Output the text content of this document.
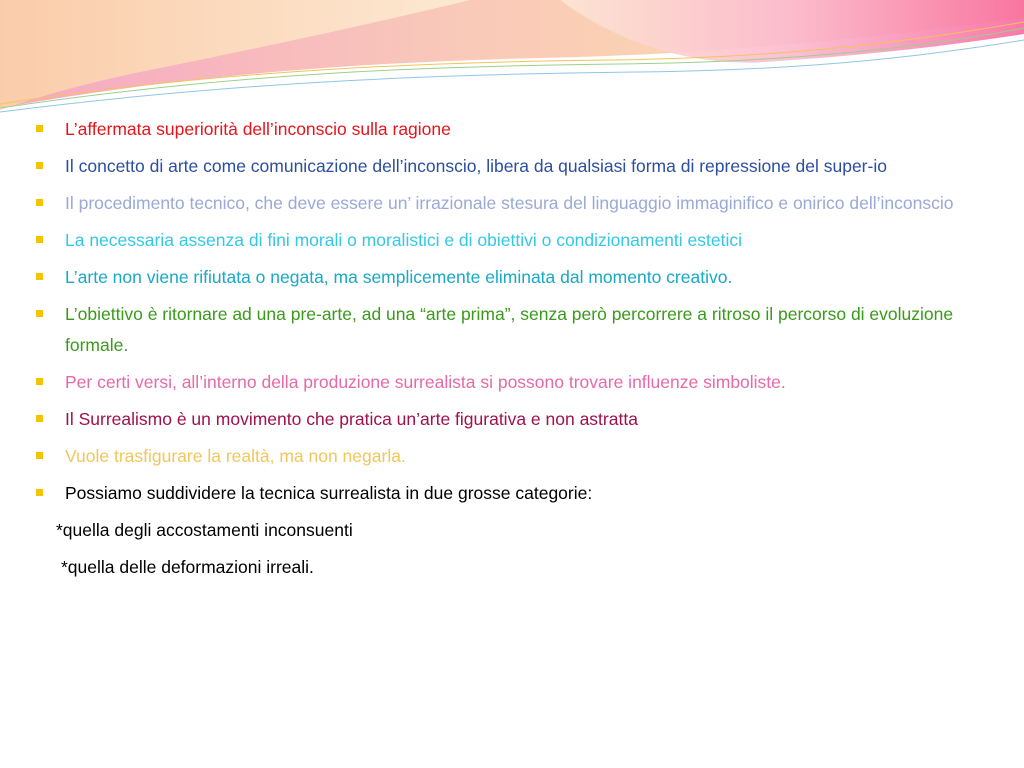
L’affermata superiorità dell’inconscio sulla ragione
Il concetto di arte come comunicazione dell’inconscio, libera da qualsiasi forma di repressione del super-io
Il procedimento tecnico, che deve essere un’ irrazionale stesura del linguaggio immaginifico e onirico dell’inconscio
La necessaria assenza di fini morali o moralistici e di obiettivi o condizionamenti estetici
L’arte non viene rifiutata o negata, ma semplicemente eliminata dal momento creativo.
L’obiettivo è ritornare ad una pre-arte, ad una “arte prima”, senza però percorrere a ritroso il percorso di evoluzione formale.
Per certi versi, all’interno della produzione surrealista si possono trovare influenze simboliste.
Il Surrealismo è un movimento che pratica un’arte figurativa e non astratta
Vuole trasfigurare la realtà, ma non negarla.
Possiamo suddividere la tecnica surrealista in due grosse categorie:
*quella degli accostamenti inconsuenti
*quella delle deformazioni irreali.
